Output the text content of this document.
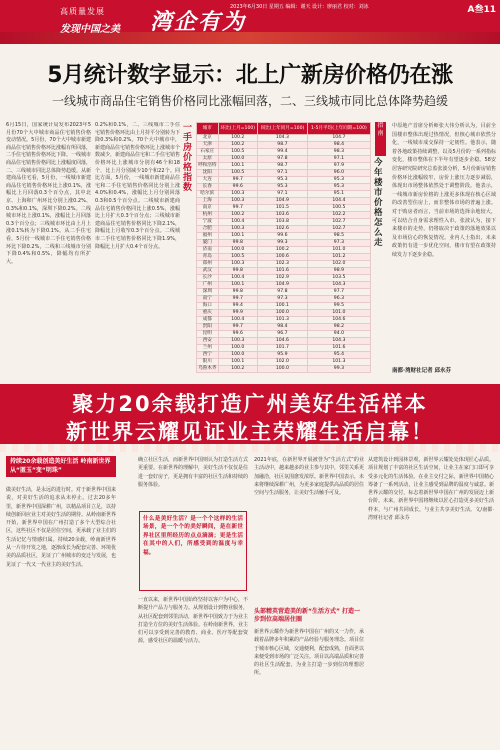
高质量发展
发现中国之美 湾企有为
2023年6月30日 星期五 编辑：谢天 设计：廖丽君 校对：刘冰	A叁11
5月统计数字显示：北上广新房价格仍在涨
一线城市商品住宅销售价格同比涨幅回落，二、三线城市同比总体降势趋缓
6月15日，国家统计局发布2023年5月份70个大中城市商品住宅销售价格变动情况。5月份，70个大中城市新建商品住宅销售价格环比涨幅有所回落，二手住宅销售价格环比下降。一线城市商品住宅销售价格同比上涨幅度回落，二、三线城市同比总体降势趋缓。从新建商品住宅看，5月份，一线城市新建商品住宅销售价格环比上涨0.1%，涨幅比上月回落0.3个百分点，其中北京、上海和广州环比分别上涨0.2%、0.3%和0.1%，深圳下降0.2%。二线城市环比上涨0.1%，涨幅比上月回落0.3个百分点；三线城市环比由上月上涨0.1%转为下降0.1%。从二手住宅看，5月份一线城市二手住宅销售价格环比下降0.2%，二线和三线城市分别下降0.4%和0.5%，降幅均有所扩大。
0.2%和0.1%，二、三线城市二手住宅销售价格环比由上月持平分别转为下降0.3%和0.2%。70个大中城市中，新建商品住宅销售价格环比上涨城市个数减少，新建商品住宅和二手住宅销售价格环比上涨城市分别有46个和18个，比上月分别减少10个和22个。同比方面，5月份，一线城市新建商品住宅和二手住宅销售价格同比分别上涨4.0%和0.4%，涨幅比上月分别回落0.3和0.5个百分点。二线城市新建商品住宅销售价格同比上涨0.5%，涨幅比上月扩大0.3个百分点；三线城市新建商品住宅销售价格同比下降2.1%，降幅比上月收窄0.3个百分点。二线城市二手住宅销售价格同比下降1.9%，降幅比上月扩大0.4个百分点。
一手房价格指数
城市	环比(上月=100)	同比(上年同月=100)	1-5月平均(上年同期=100)
北京	100.2	104.3	104.7
天津	100.2	98.7	98.4
石家庄	100.5	99.4	98.3
太原	100.0	97.8	97.1
呼和浩特	100.1	98.7	97.9
沈阳	100.5	97.1	96.0
大连	99.7	95.3	95.3
长春	99.6	95.3	95.3
哈尔滨	100.3	97.1	95.1
上海	100.3	104.9	104.4
南京	99.7	101.5	100.5
杭州	100.2	103.6	102.2
宁波	100.4	103.8	102.7
合肥	100.3	102.6	102.7
福州	100.1	99.6	98.5
厦门	99.8	99.3	97.3
济南	100.0	100.2	101.0
青岛	100.5	100.6	101.2
郑州	100.3	102.3	102.0
武汉	99.8	101.6	98.9
长沙	100.4	102.9	103.5
广州	100.1	104.9	104.3
深圳	99.8	97.8	97.7
南宁	99.7	97.3	96.3
海口	99.4	100.1	99.5
重庆	99.9	100.0	101.0
成都	100.4	101.3	104.6
贵阳	99.7	98.4	98.2
昆明	99.6	96.7	94.0
西安	100.3	104.6	104.3
兰州	100.0	101.7	101.6
西宁	100.0	95.9	95.4
银川	100.1	102.0	101.3
乌鲁木齐	100.2	100.0	99.3
指南
今年楼市价格怎么走
中原地产首席分析师张大伟分析认为，目前全国楼市整体出现过热情况，但核心城市依然分化，一线城市成交保持一定韧性。他表示，随着各地政策持续调整，以及5月份的一系列指标变化，楼市整体在下半年有望逐步企稳。58安居客研究院研究总监张波分析，5月份新房销售价格环比涨幅收窄，房价上涨压力逐步减弱，体现出市场整体依然处于调整阶段。他表示，一线城市新房价格的上涨更多体现在核心区域的改善型住房上，而非整体市场的普遍上涨。对于购房者而言，当前市场的选择余地较大，可以结合自身需求理性入市。张波认为，接下来楼市的走势，仍将取决于政策的落地效果以及市场信心的恢复情况。业内人士指出，未来政策仍有进一步优化空间，楼市有望在政策持续发力下逐步企稳。
南都·湾财社记者 邱永芬
聚力20余载打造广州美好生活样本
新世界云耀见证业主荣耀生活启幕！
持续20余载创造美好生活 岭南新世界从“匿玉”变“明珠”
做美好生活，是永远的进行时。对于新世界中国来说，对美好生活的追求从未停止。过去20多年里，新世界中国深耕广州，以精品项目立足，以持续创新回应业主对美好生活的期待。从岭南新世界开始，新世界中国在广州打造了多个大型综合社区，这些社区不仅是居住空间，更承载了业主们的生活记忆与情感归属。持续20余载，岭南新世界从一片待开发之地，逐渐成长为配套完善、环境优美的品质社区，见证了广州城市的变迁与发展，也见证了一代又一代业主的美好生活。
确立社区生活，而新世界中国则认为打造生活方式更重要。在新世界的理解中，美好生活不仅仅是住进一套好房子，更是拥有丰富的社区生活和持续的服务体验。
什么是美好生活？是一个个这样的生活场景，是一个个的美好瞬间，是在新世界社区里所经历的点点滴滴；更是生活在其中的人们，所感受到的温度与幸福。
一直以来，新世界中国始终坚持以客户为中心，不断提升产品力与服务力。从规划设计到物业服务，从社区配套到邻里活动，新世界中国致力于为业主打造全方位的美好生活体验。在岭南新世界，业主们可以享受到完善的教育、商业、医疗等配套资源，感受社区的温暖与活力。
2021年底，在新世界开展被誉为“生活方式”的业主活动中，越来越多的业主参与其中，邻里关系更加融洽，社区氛围愈发浓厚。新世界中国表示，未来将继续深耕广州，为更多家庭提供高品质的居住空间与生活服务，让美好生活触手可及。
头部精英营造美的新“生活方式” 打造一步到位高端居住圈
新世界云耀作为新世界中国在广州的又一力作，承载着品牌多年积累的产品经验与服务理念。项目位于城市核心区域，交通便利，配套成熟，自面世以来便受到市场的广泛关注。项目以高端品质和完善的社区生活配套，为业主打造一步到位的理想居所。
从建筑设计到园林景观，新世界云耀处处体现匠心品质。项目规划了丰富的社区生活空间，让业主在家门口即可享受多元化的生活体验。在业主交付之际，新世界中国精心筹备了一系列活动，让业主感受到品牌的温度与诚意。新世界云耀的交付，标志着新世界中国在广州的发展迈上新台阶。未来，新世界中国将继续以匠心打造更多美好生活样本，与广州共同成长，与业主共享美好生活。文/南都·湾财社记者 邱永芬
